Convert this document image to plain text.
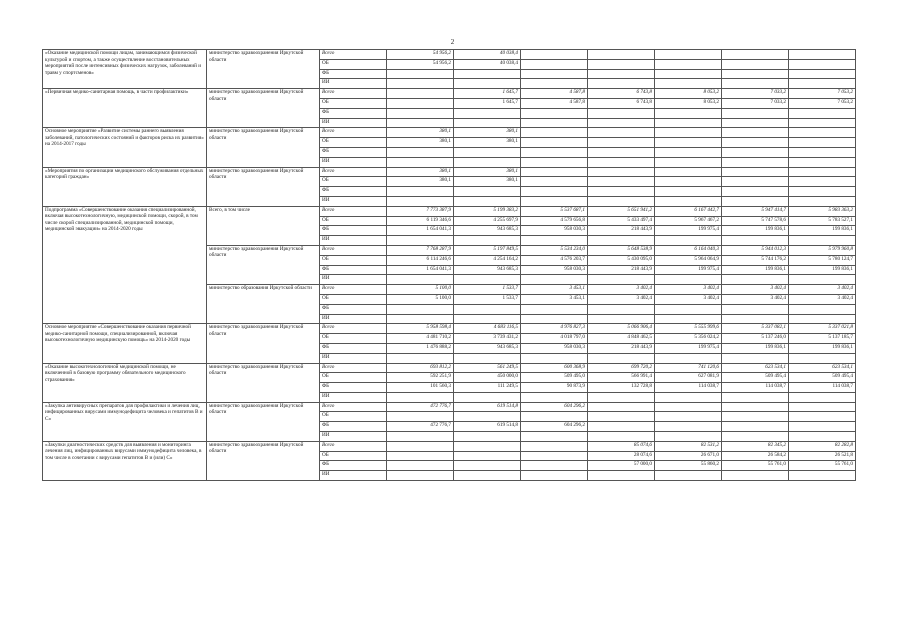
2
«Оказание медицинской помощи лицам, занимающимся физической культурой и спортом, а также осуществление восстановительных мероприятий после интенсивных физических нагрузок, заболеваний и травм у спортсменов»	министерство здравоохранения Иркутской области	Всего	54 956,2	40 038,4					
		ОБ	54 956,2	40 038,4					
		ФБ							
		ИИ							
«Первичная медико-санитарная помощь, в части профилактики»	министерство здравоохранения Иркутской области	Всего		1 645,7	4 587,8	6 743,8	8 053,2	7 033,2	7 053,2
		ОБ		1 645,7	4 587,8	6 743,8	8 053,2	7 033,2	7 053,2
		ФБ							
		ИИ							
Основное мероприятие «Развитие системы раннего выявления заболеваний, патологических состояний и факторов риска их развития» на 2014-2017 годы	министерство здравоохранения Иркутской области	Всего	380,1	380,1					
		ОБ	380,1	380,1					
		ФБ							
		ИИ							
«Мероприятия по организации медицинского обслуживания отдельных категорий граждан»	министерство здравоохранения Иркутской области	Всего	380,1	380,1					
		ОБ	380,1	380,1					
		ФБ							
		ИИ							
Подпрограмма «Совершенствование оказания специализированной, включая высокотехнологичную, медицинской помощи, скорой, в том числе скорой специализированной, медицинской помощи, медицинской эвакуации» на 2014-2020 годы	Всего, в том числе	Всего	7 773 387,9	5 199 383,2	5 537 687,1	5 651 941,2	6 167 442,7	5 947 414,7	5 983 363,2
		ОБ	6 119 346,6	4 255 697,9	4 579 656,8	5 433 497,4	5 967 467,2	5 747 578,6	5 783 527,1
		ФБ	1 654 041,3	943 685,3	958 030,3	218 443,9	199 975,4	199 836,1	199 836,1
		ИИ							
	министерство здравоохранения Иркутской области	Всего	7 768 287,9	5 197 849,5	5 534 234,0	5 648 538,9	6 164 040,3	5 944 012,3	5 979 960,8
		ОБ	6 114 246,6	4 254 164,2	4 576 203,7	5 430 095,0	5 964 064,9	5 744 176,2	5 780 124,7
		ФБ	1 654 041,3	943 685,3	958 030,3	218 443,9	199 975,4	199 836,1	199 836,1
		ИИ							
	министерство образования Иркутской области	Всего	5 100,0	1 533,7	3 453,1	3 402,4	3 402,4	3 402,4	3 402,4
		ОБ	5 100,0	1 533,7	3 453,1	3 402,4	3 402,4	3 402,4	3 402,4
		ФБ							
		ИИ							
Основное мероприятие «Совершенствование оказания первичной медико-санитарной помощи, специализированной, включая высокотехнологичную медицинскую помощь» на 2014-2020 годы	министерство здравоохранения Иркутской области	Всего	5 958 598,4	4 683 116,5	4 976 827,3	5 066 906,4	5 555 999,6	5 337 082,1	5 337 021,8
		ОБ	4 481 710,2	3 739 431,2	4 018 797,0	4 848 462,5	5 356 024,2	5 137 246,0	5 137 185,7
		ФБ	1 476 888,2	943 685,3	958 030,3	218 443,9	199 975,4	199 836,1	199 836,1
		ИИ							
«Оказание высокотехнологичной медицинской помощи, не включенной в базовую программу обязательного медицинского страхования»	министерство здравоохранения Иркутской области	Всего	693 812,2	561 249,5	600 368,9	699 720,2	741 120,6	623 534,1	623 534,1
		ОБ	592 251,9	450 000,0	509 495,0	566 991,4	627 081,9	509 495,4	509 495,4
		ФБ	101 560,3	111 249,5	90 873,9	132 728,8	114 038,7	114 038,7	114 038,7
		ИИ							
«Закупка антивирусных препаратов для профилактики и лечения лиц, инфицированных вирусами иммунодефицита человека и гепатитов В и С»	министерство здравоохранения Иркутской области	Всего	472 776,7	619 514,8	604 296,2				
		ОБ							
		ФБ	472 776,7	619 514,8	604 296,2				
		ИИ							
«Закупки диагностических средств для выявления и мониторинга лечения лиц, инфицированных вирусами иммунодефицита человека, в том числе в сочетании с вирусами гепатитов В и (или) С»	министерство здравоохранения Иркутской области	Всего				85 074,6	82 531,2	82 345,2	82 282,8
		ОБ				28 074,6	26 671,0	26 584,2	26 521,8
		ФБ				57 000,0	55 860,2	55 761,0	55 761,0
		ИИ							
